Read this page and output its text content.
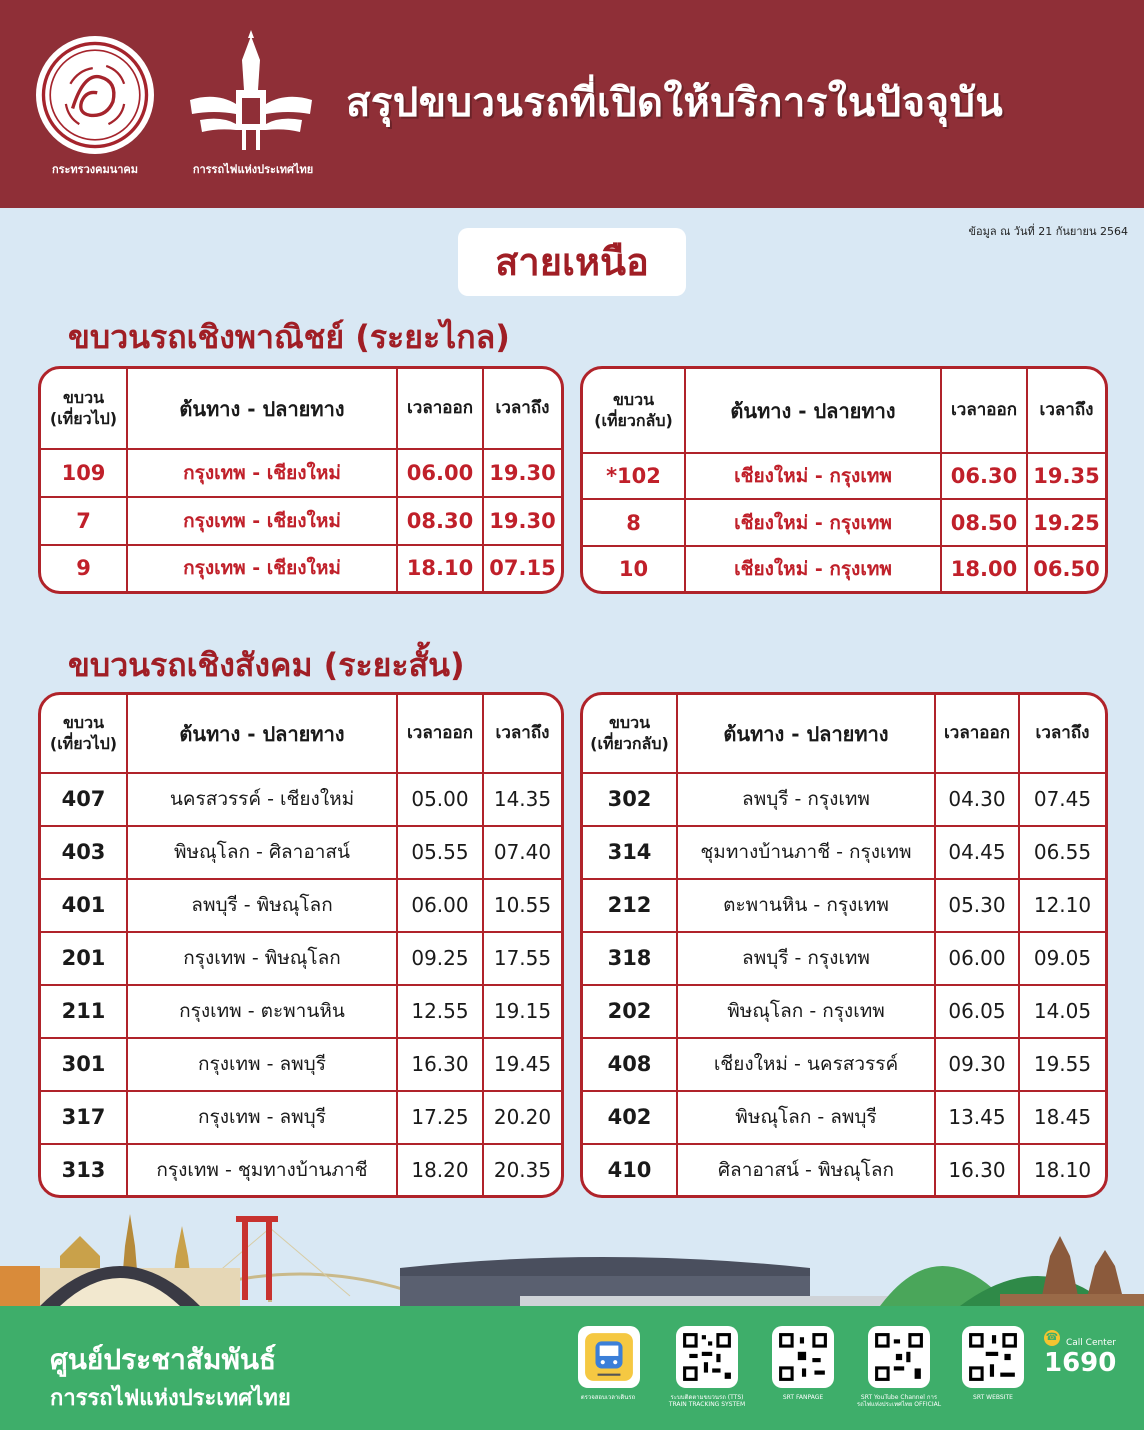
กระทรวงคมนาคม	การรถไฟแห่งประเทศไทย
สรุปขบวนรถที่เปิดให้บริการในปัจจุบัน
ข้อมูล ณ วันที่ 21 กันยายน 2564
สายเหนือ
ขบวนรถเชิงพาณิชย์ (ระยะไกล)
ขบวน
(เที่ยวไป)	ต้นทาง - ปลายทาง	เวลาออก	เวลาถึง
109	กรุงเทพ - เชียงใหม่	06.00	19.30
7	กรุงเทพ - เชียงใหม่	08.30	19.30
9	กรุงเทพ - เชียงใหม่	18.10	07.15
ขบวน
(เที่ยวกลับ)	ต้นทาง - ปลายทาง	เวลาออก	เวลาถึง
*102	เชียงใหม่ - กรุงเทพ	06.30	19.35
8	เชียงใหม่ - กรุงเทพ	08.50	19.25
10	เชียงใหม่ - กรุงเทพ	18.00	06.50
ขบวนรถเชิงสังคม (ระยะสั้น)
ขบวน
(เที่ยวไป)	ต้นทาง - ปลายทาง	เวลาออก	เวลาถึง
407	นครสวรรค์ - เชียงใหม่	05.00	14.35
403	พิษณุโลก - ศิลาอาสน์	05.55	07.40
401	ลพบุรี - พิษณุโลก	06.00	10.55
201	กรุงเทพ - พิษณุโลก	09.25	17.55
211	กรุงเทพ - ตะพานหิน	12.55	19.15
301	กรุงเทพ - ลพบุรี	16.30	19.45
317	กรุงเทพ - ลพบุรี	17.25	20.20
313	กรุงเทพ - ชุมทางบ้านภาชี	18.20	20.35
ขบวน
(เที่ยวกลับ)	ต้นทาง - ปลายทาง	เวลาออก	เวลาถึง
302	ลพบุรี - กรุงเทพ	04.30	07.45
314	ชุมทางบ้านภาชี - กรุงเทพ	04.45	06.55
212	ตะพานหิน - กรุงเทพ	05.30	12.10
318	ลพบุรี - กรุงเทพ	06.00	09.05
202	พิษณุโลก - กรุงเทพ	06.05	14.05
408	เชียงใหม่ - นครสวรรค์	09.30	19.55
402	พิษณุโลก - ลพบุรี	13.45	18.45
410	ศิลาอาสน์ - พิษณุโลก	16.30	18.10
ศูนย์ประชาสัมพันธ์
การรถไฟแห่งประเทศไทย	ตรวจสอบเวลาเดินรถ	ระบบติดตามขบวนรถ (TTS) TRAIN TRACKING SYSTEM
SRT FANPAGE	SRT YouTube Channel การรถไฟแห่งประเทศไทย OFFICIAL
SRT WEBSITE
☎ Call Center
1690
